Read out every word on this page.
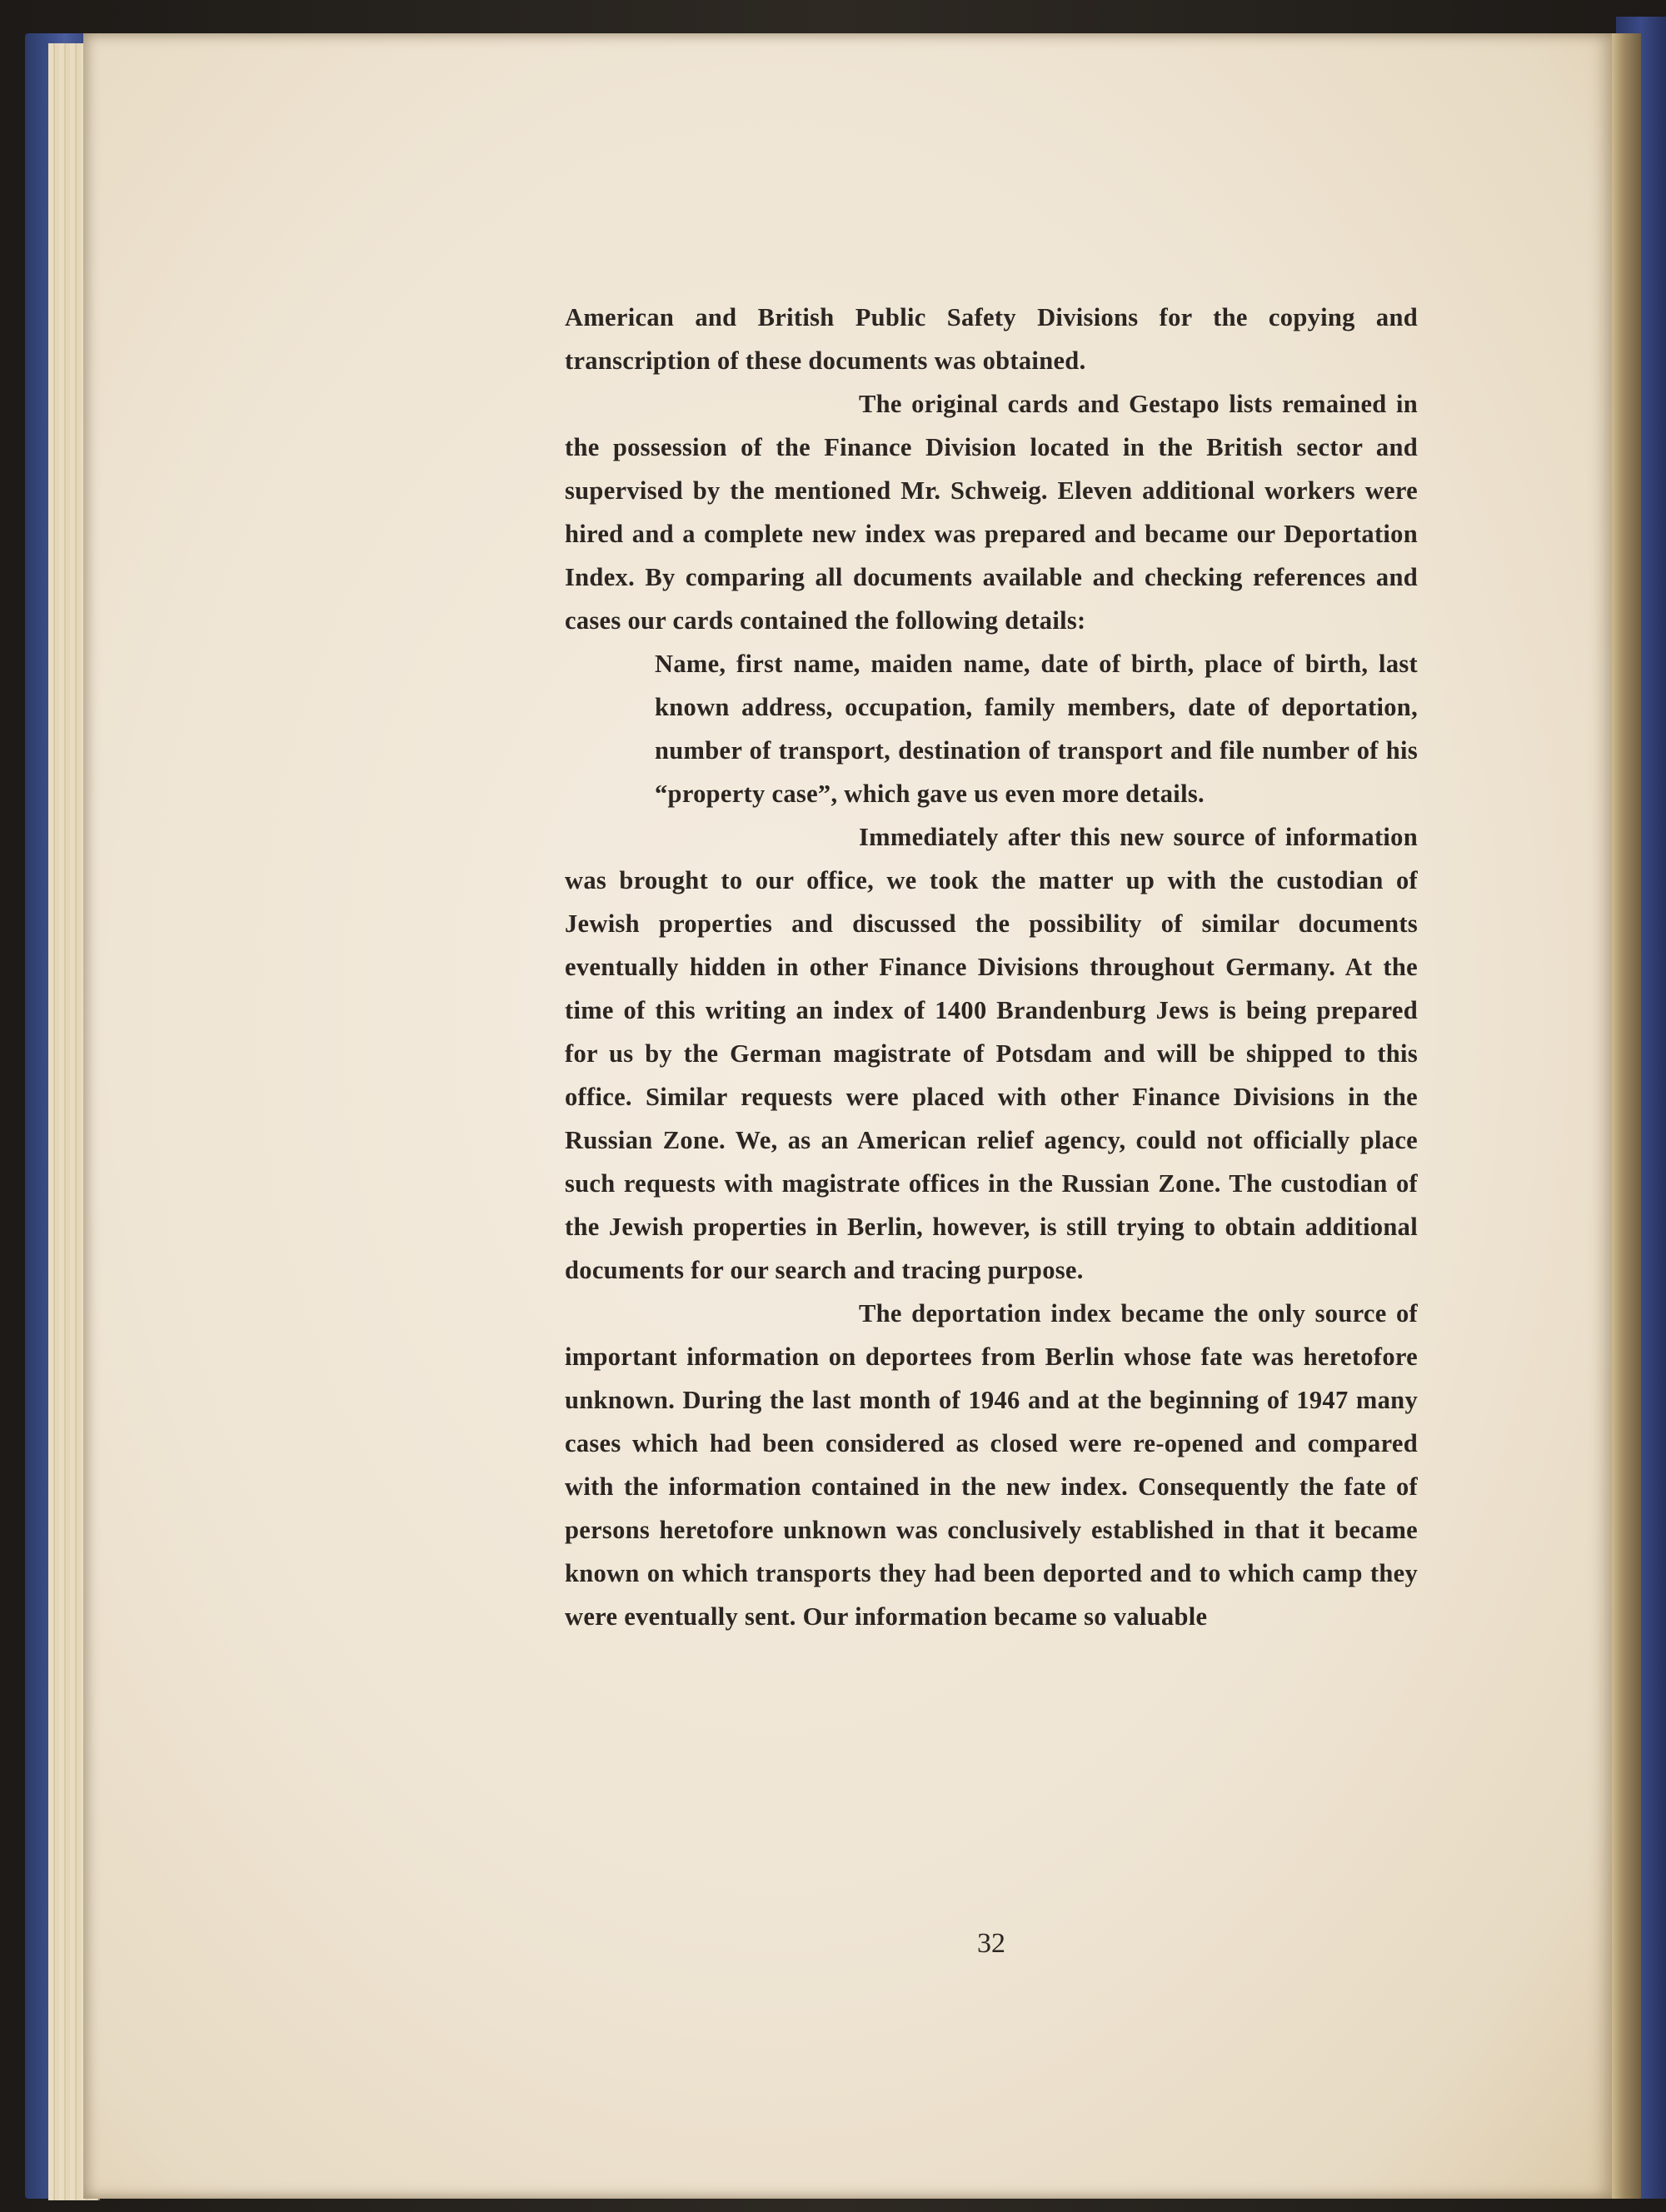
American and British Public Safety Divisions for the copying and transcription of these documents was obtained.

The original cards and Gestapo lists remained in the possession of the Finance Division located in the British sector and supervised by the mentioned Mr. Schweig. Eleven additional workers were hired and a complete new index was prepared and became our Deportation Index. By comparing all documents available and checking references and cases our cards contained the following details:

Name, first name, maiden name, date of birth, place of birth, last known address, occupation, family members, date of deportation, number of transport, destination of transport and file number of his “property case”, which gave us even more details.

Immediately after this new source of information was brought to our office, we took the matter up with the custodian of Jewish properties and discussed the possibility of similar documents eventually hidden in other Finance Divisions throughout Germany. At the time of this writing an index of 1400 Brandenburg Jews is being prepared for us by the German magistrate of Potsdam and will be shipped to this office. Similar requests were placed with other Finance Divisions in the Russian Zone. We, as an American relief agency, could not officially place such requests with magistrate offices in the Russian Zone. The custodian of the Jewish properties in Berlin, however, is still trying to obtain additional documents for our search and tracing purpose.

The deportation index became the only source of important information on deportees from Berlin whose fate was heretofore unknown. During the last month of 1946 and at the beginning of 1947 many cases which had been considered as closed were re-opened and compared with the information contained in the new index. Consequently the fate of persons heretofore unknown was conclusively established in that it became known on which transports they had been deported and to which camp they were eventually sent. Our information became so valuable

32
